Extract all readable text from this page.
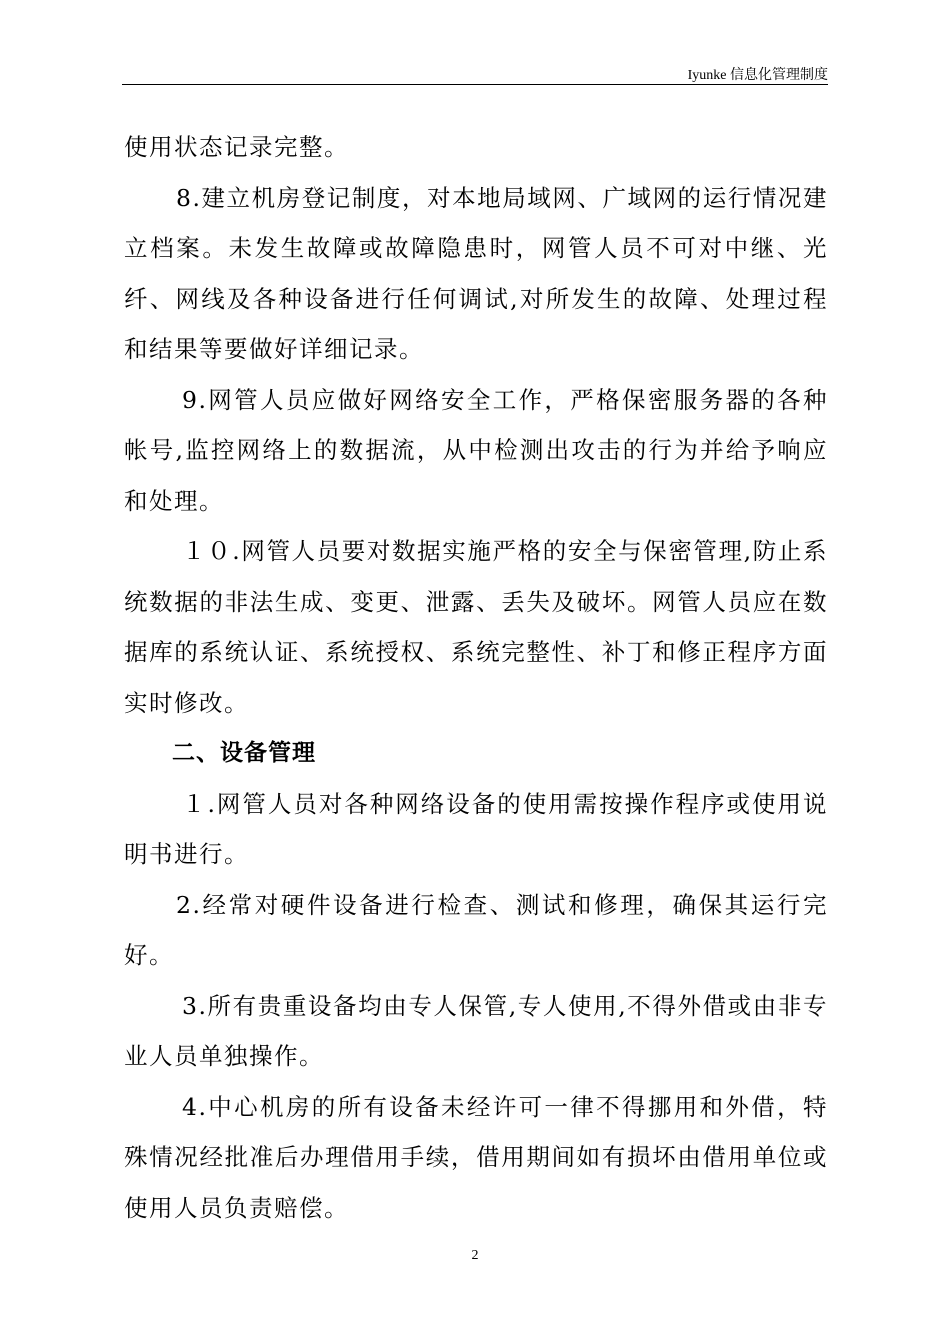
Iyunke 信息化管理制度

使用状态记录完整。

8.建立机房登记制度，对本地局域网、广域网的运行情况建立档案。未发生故障或故障隐患时，网管人员不可对中继、光纤、网线及各种设备进行任何调试,对所发生的故障、处理过程和结果等要做好详细记录。

9.网管人员应做好网络安全工作，严格保密服务器的各种帐号,监控网络上的数据流，从中检测出攻击的行为并给予响应和处理。

１０.网管人员要对数据实施严格的安全与保密管理,防止系统数据的非法生成、变更、泄露、丢失及破坏。网管人员应在数据库的系统认证、系统授权、系统完整性、补丁和修正程序方面实时修改。

二、设备管理

１.网管人员对各种网络设备的使用需按操作程序或使用说明书进行。

2.经常对硬件设备进行检查、测试和修理，确保其运行完好。

3.所有贵重设备均由专人保管,专人使用,不得外借或由非专业人员单独操作。

4.中心机房的所有设备未经许可一律不得挪用和外借，特殊情况经批准后办理借用手续，借用期间如有损坏由借用单位或使用人员负责赔偿。

2
